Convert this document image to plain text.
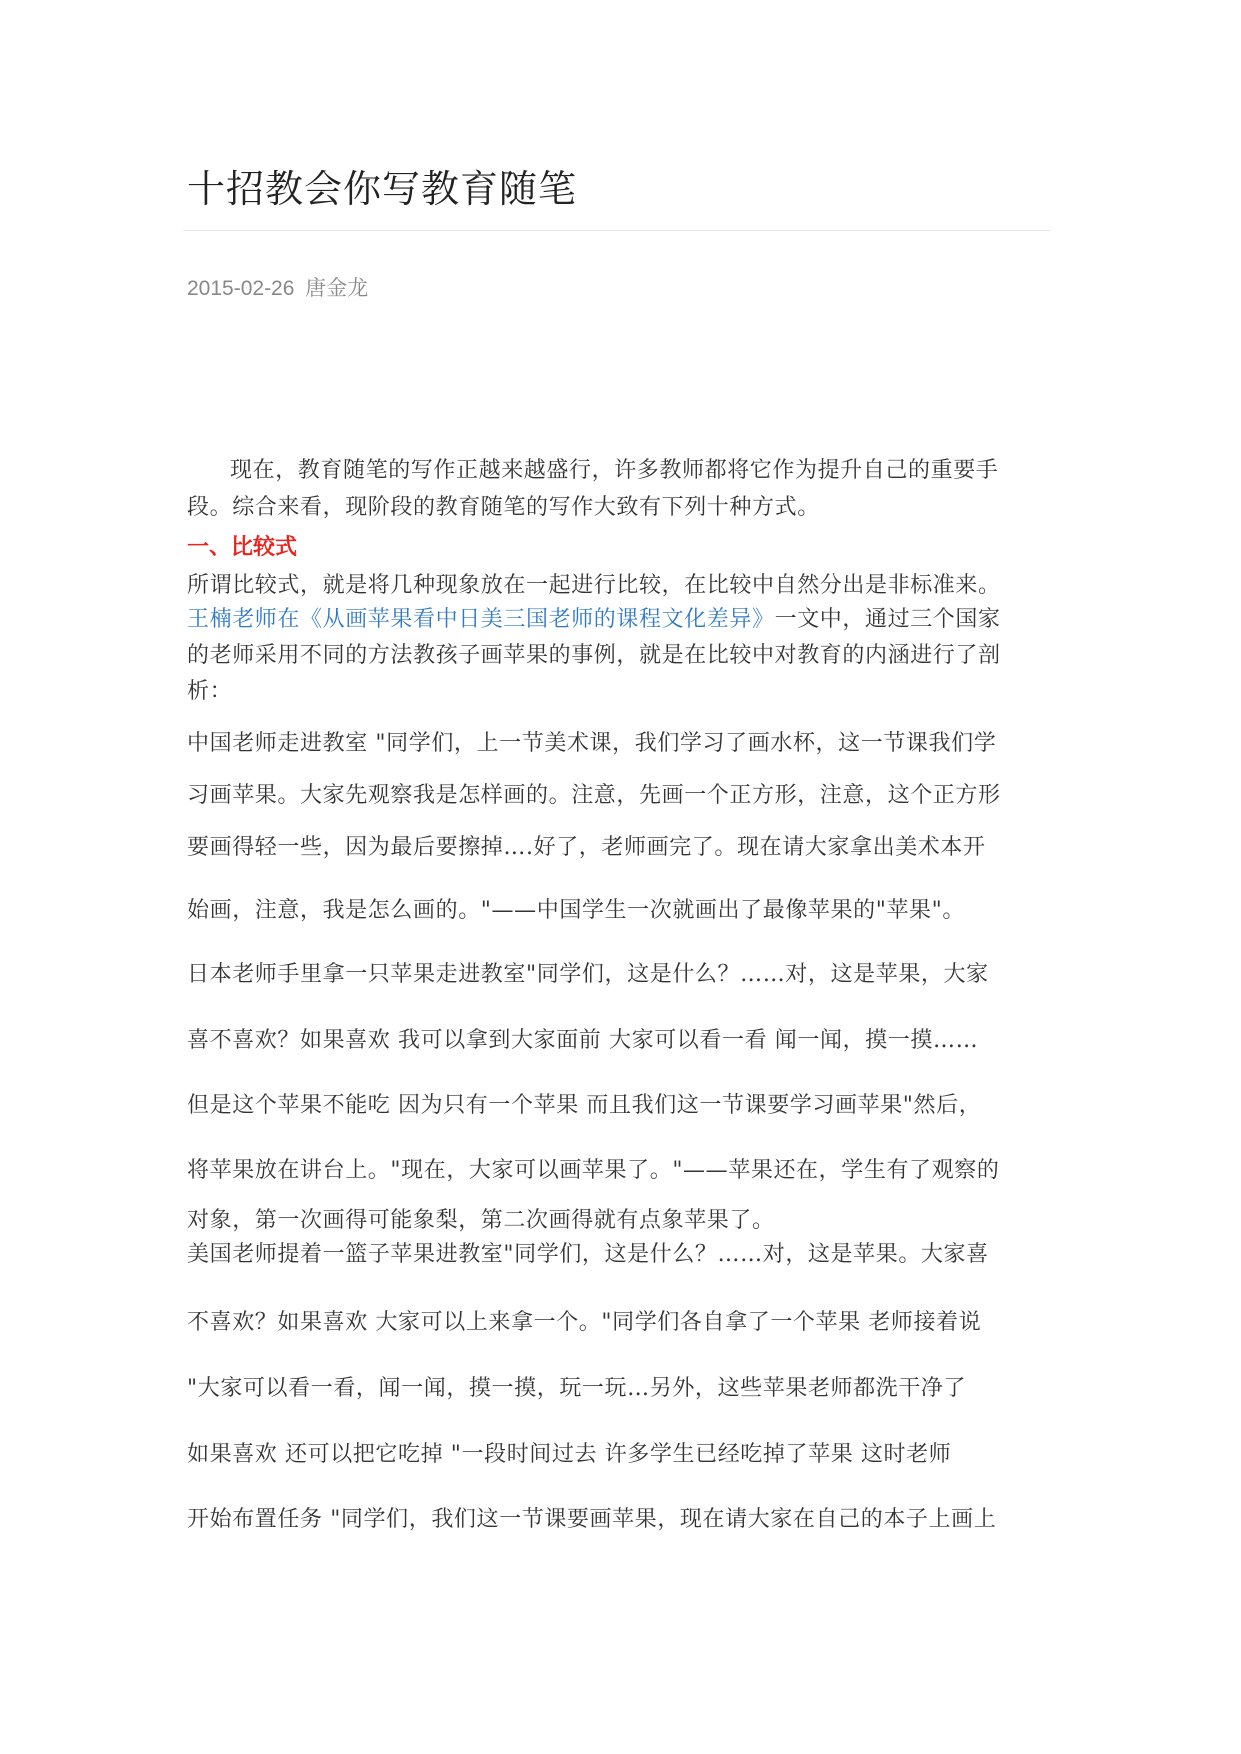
十招教会你写教育随笔
2015-02-26 唐金龙

现在，教育随笔的写作正越来越盛行，许多教师都将它作为提升自己的重要手

段。综合来看，现阶段的教育随笔的写作大致有下列十种方式。

一、比较式

所谓比较式，就是将几种现象放在一起进行比较，在比较中自然分出是非标准来。

王楠老师在《从画苹果看中日美三国老师的课程文化差异》一文中，通过三个国家

的老师采用不同的方法教孩子画苹果的事例，就是在比较中对教育的内涵进行了剖

析：

中国老师走进教室 "同学们，上一节美术课，我们学习了画水杯，这一节课我们学

习画苹果。大家先观察我是怎样画的。注意，先画一个正方形，注意，这个正方形

要画得轻一些，因为最后要擦掉….好了，老师画完了。现在请大家拿出美术本开

始画，注意，我是怎么画的。"——中国学生一次就画出了最像苹果的"苹果"。

日本老师手里拿一只苹果走进教室"同学们，这是什么？……对，这是苹果，大家

喜不喜欢？如果喜欢 我可以拿到大家面前 大家可以看一看 闻一闻，摸一摸……

但是这个苹果不能吃 因为只有一个苹果 而且我们这一节课要学习画苹果"然后，

将苹果放在讲台上。"现在，大家可以画苹果了。"——苹果还在，学生有了观察的

对象，第一次画得可能象梨，第二次画得就有点象苹果了。

美国老师提着一篮子苹果进教室"同学们，这是什么？……对，这是苹果。大家喜

不喜欢？如果喜欢 大家可以上来拿一个。"同学们各自拿了一个苹果 老师接着说

"大家可以看一看，闻一闻，摸一摸，玩一玩…另外，这些苹果老师都洗干净了

如果喜欢 还可以把它吃掉 "一段时间过去 许多学生已经吃掉了苹果 这时老师

开始布置任务 "同学们，我们这一节课要画苹果，现在请大家在自己的本子上画上
